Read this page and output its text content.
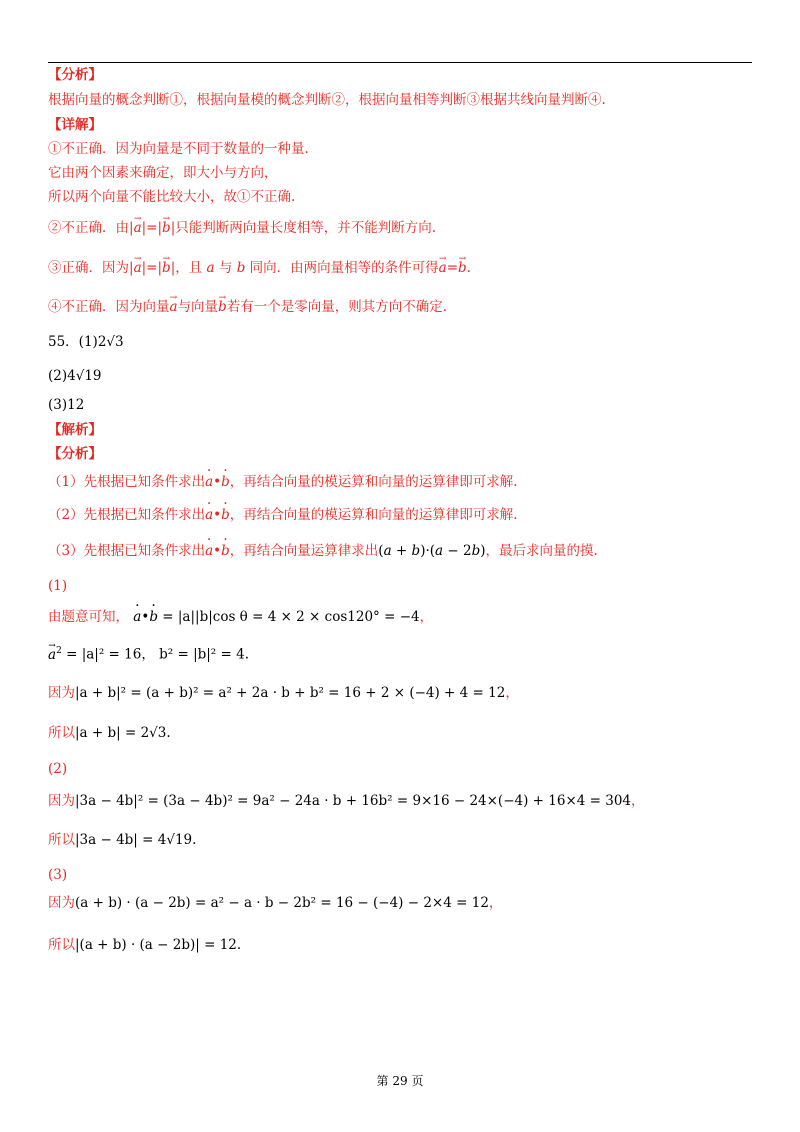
【分析】
根据向量的概念判断①，根据向量模的概念判断②，根据向量相等判断③根据共线向量判断④.
【详解】
①不正确．因为向量是不同于数量的一种量.
它由两个因素来确定，即大小与方向，
所以两个向量不能比较大小，故①不正确.
②不正确．由|→ a|=|→ b|只能判断两向量长度相等，并不能判断方向.
③正确．因为|→ a|=|→ b|，且 a 与 b 同向．由两向量相等的条件可得→ a=→ b.
④不正确．因为向量→ a与向量→ b若有一个是零向量，则其方向不确定.
55．(1)2√3
(2)4√19
(3)12
【解析】
【分析】
（1）先根据已知条件求出· a•· b，再结合向量的模运算和向量的运算律即可求解.
（2）先根据已知条件求出· a•· b，再结合向量的模运算和向量的运算律即可求解.
（3）先根据已知条件求出· a•· b，再结合向量运算律求出(a + b)·(a − 2b)，最后求向量的摸.
(1)
由题意可知， · a•· b = |a||b|cos θ = 4 × 2 × cos120° = −4，
→ $a^2 = |a|^2 = 16$， b² = |b|² = 4.
因为|a + b|² = (a + b)² = a² + 2a · b + b² = 16 + 2 × (−4) + 4 = 12，
所以|a + b| = 2√3.
(2)
因为|3a − 4b|² = (3a − 4b)² = 9a² − 24a · b + 16b² = 9×16 − 24×(−4) + 16×4 = 304，
所以|3a − 4b| = 4√19.
(3)
因为(a + b) · (a − 2b) = a² − a · b − 2b² = 16 − (−4) − 2×4 = 12，
所以|(a + b) · (a − 2b)| = 12.
第 29 页
